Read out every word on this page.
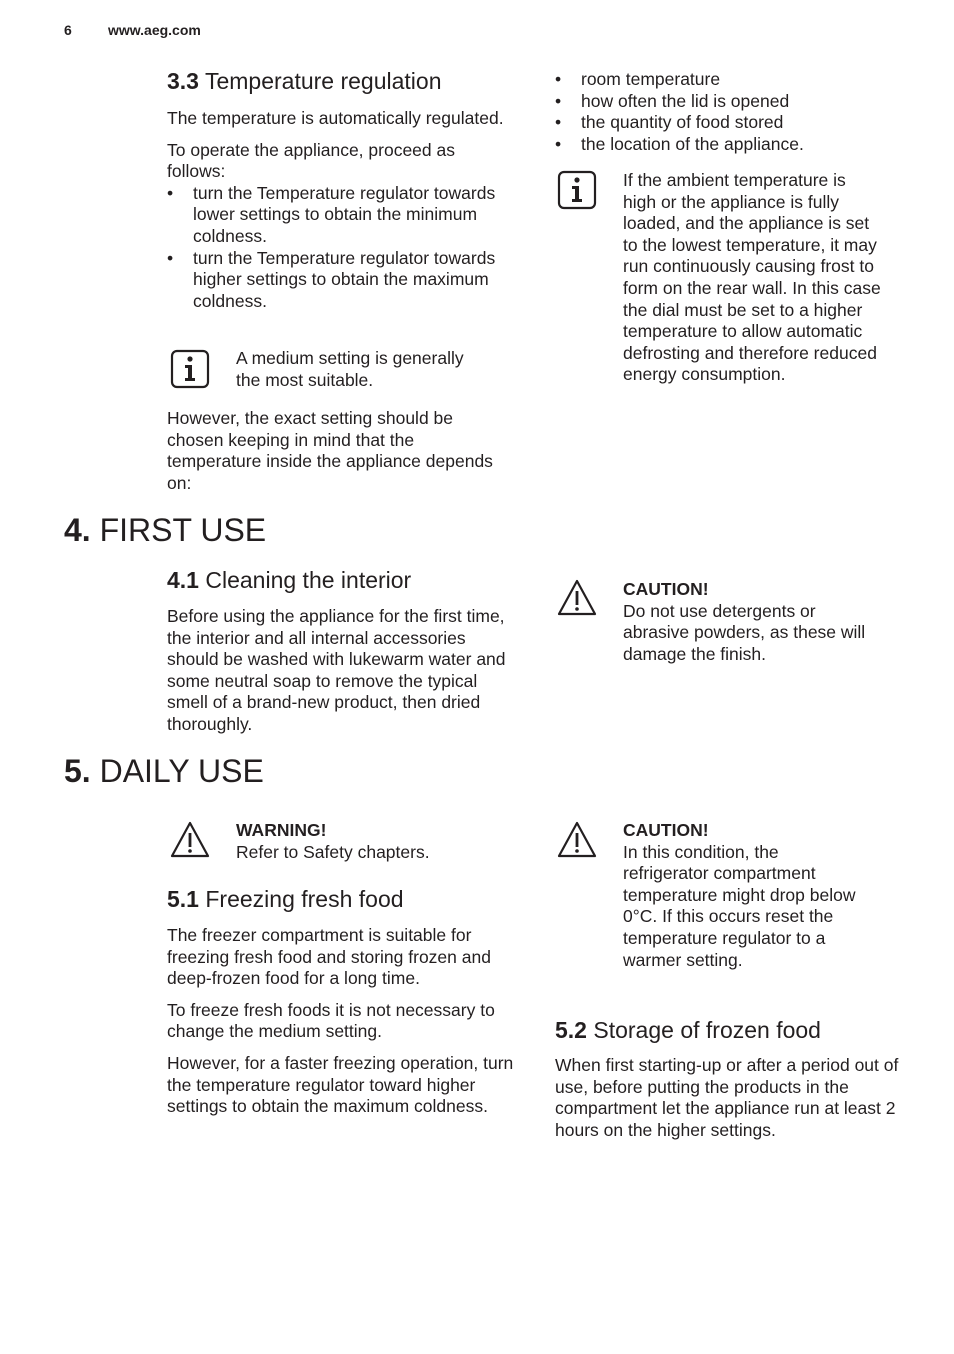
6	www.aeg.com
3.3 Temperature regulation

The temperature is automatically regulated.

To operate the appliance, proceed as follows:

• turn the Temperature regulator towards lower settings to obtain the minimum coldness.
• turn the Temperature regulator towards higher settings to obtain the maximum coldness.
A medium setting is generally the most suitable.

However, the exact setting should be chosen keeping in mind that the temperature inside the appliance depends on:

• room temperature
• how often the lid is opened
• the quantity of food stored
• the location of the appliance.
If the ambient temperature is high or the appliance is fully loaded, and the appliance is set to the lowest temperature, it may run continuously causing frost to form on the rear wall. In this case the dial must be set to a higher temperature to allow automatic defrosting and therefore reduced energy consumption.
4. FIRST USE
4.1 Cleaning the interior

Before using the appliance for the first time, the interior and all internal accessories should be washed with lukewarm water and some neutral soap to remove the typical smell of a brand-new product, then dried thoroughly.

CAUTION!
Do not use detergents or abrasive powders, as these will damage the finish.
5. DAILY USE
WARNING!
Refer to Safety chapters.
5.1 Freezing fresh food

The freezer compartment is suitable for freezing fresh food and storing frozen and deep-frozen food for a long time.

To freeze fresh foods it is not necessary to change the medium setting.

However, for a faster freezing operation, turn the temperature regulator toward higher settings to obtain the maximum coldness.

CAUTION!
In this condition, the refrigerator compartment temperature might drop below 0°C. If this occurs reset the temperature regulator to a warmer setting.
5.2 Storage of frozen food

When first starting-up or after a period out of use, before putting the products in the compartment let the appliance run at least 2 hours on the higher settings.
